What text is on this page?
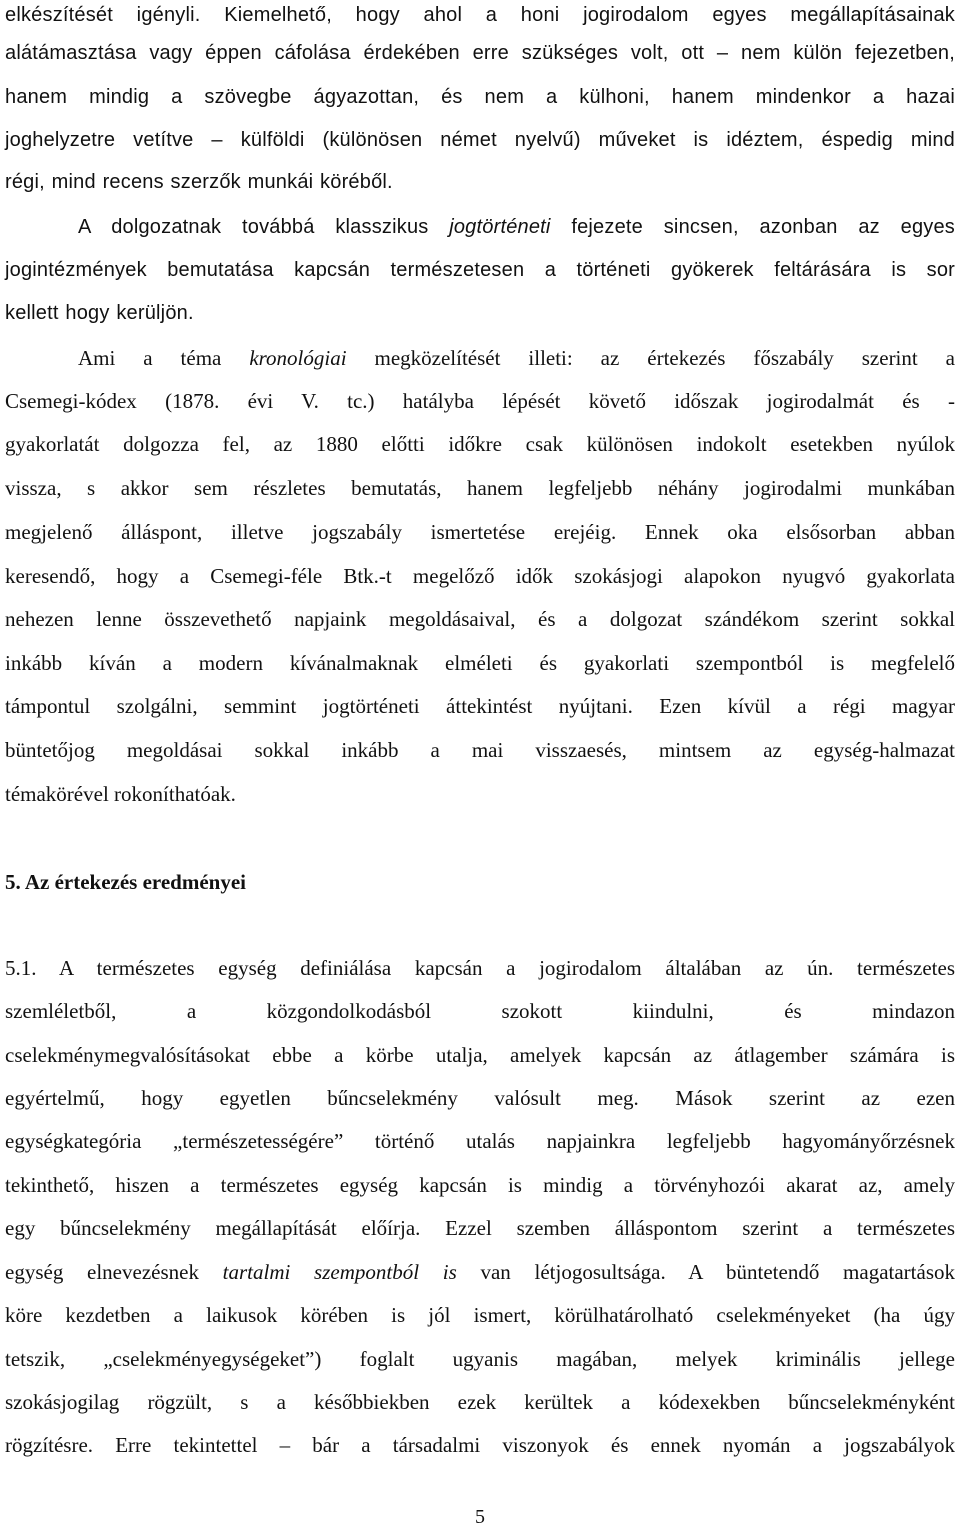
elkészítését igényli. Kiemelhető, hogy ahol a honi jogirodalom egyes megállapításainak

alátámasztása vagy éppen cáfolása érdekében erre szükséges volt, ott – nem külön fejezetben,

hanem mindig a szövegbe ágyazottan, és nem a külhoni, hanem mindenkor a hazai

joghelyzetre vetítve – külföldi (különösen német nyelvű) műveket is idéztem, éspedig mind

régi, mind recens szerzők munkái köréből.

A dolgozatnak továbbá klasszikus jogtörténeti fejezete sincsen, azonban az egyes

jogintézmények bemutatása kapcsán természetesen a történeti gyökerek feltárására is sor

kellett hogy kerüljön.

Ami a téma kronológiai megközelítését illeti: az értekezés főszabály szerint a

Csemegi-kódex (1878. évi V. tc.) hatályba lépését követő időszak jogirodalmát és -

gyakorlatát dolgozza fel, az 1880 előtti időkre csak különösen indokolt esetekben nyúlok

vissza, s akkor sem részletes bemutatás, hanem legfeljebb néhány jogirodalmi munkában

megjelenő álláspont, illetve jogszabály ismertetése erejéig. Ennek oka elsősorban abban

keresendő, hogy a Csemegi-féle Btk.-t megelőző idők szokásjogi alapokon nyugvó gyakorlata

nehezen lenne összevethető napjaink megoldásaival, és a dolgozat szándékom szerint sokkal

inkább kíván a modern kívánalmaknak elméleti és gyakorlati szempontból is megfelelő

támpontul szolgálni, semmint jogtörténeti áttekintést nyújtani. Ezen kívül a régi magyar

büntetőjog megoldásai sokkal inkább a mai visszaesés, mintsem az egység-halmazat

témakörével rokoníthatóak.

5. Az értekezés eredményei

5.1. A természetes egység definiálása kapcsán a jogirodalom általában az ún. természetes

szemléletből, a közgondolkodásból szokott kiindulni, és mindazon

cselekménymegvalósításokat ebbe a körbe utalja, amelyek kapcsán az átlagember számára is

egyértelmű, hogy egyetlen bűncselekmény valósult meg. Mások szerint az ezen

egységkategória „természetességére” történő utalás napjainkra legfeljebb hagyományőrzésnek

tekinthető, hiszen a természetes egység kapcsán is mindig a törvényhozói akarat az, amely

egy bűncselekmény megállapítását előírja. Ezzel szemben álláspontom szerint a természetes

egység elnevezésnek tartalmi szempontból is van létjogosultsága. A büntetendő magatartások

köre kezdetben a laikusok körében is jól ismert, körülhatárolható cselekményeket (ha úgy

tetszik, „cselekményegységeket”) foglalt ugyanis magában, melyek kriminális jellege

szokásjogilag rögzült, s a későbbiekben ezek kerültek a kódexekben bűncselekményként

rögzítésre. Erre tekintettel – bár a társadalmi viszonyok és ennek nyomán a jogszabályok

5
